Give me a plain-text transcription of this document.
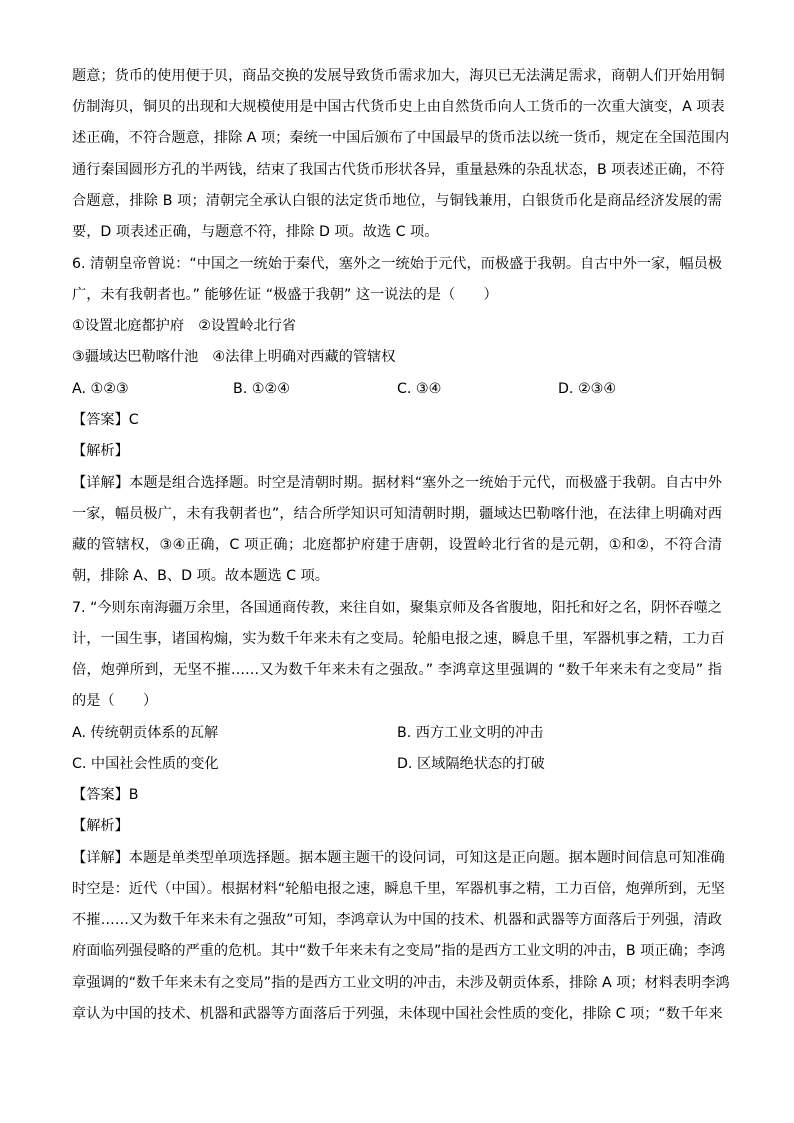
题意；货币的使用便于贝，商品交换的发展导致货币需求加大，海贝已无法满足需求，商朝人们开始用铜
仿制海贝，铜贝的出现和大规模使用是中国古代货币史上由自然货币向人工货币的一次重大演变，A 项表
述正确，不符合题意，排除 A 项；秦统一中国后颁布了中国最早的货币法以统一货币，规定在全国范围内
通行秦国圆形方孔的半两钱，结束了我国古代货币形状各异，重量悬殊的杂乱状态，B 项表述正确，不符
合题意，排除 B 项；清朝完全承认白银的法定货币地位，与铜钱兼用，白银货币化是商品经济发展的需
要，D 项表述正确，与题意不符，排除 D 项。故选 C 项。
6. 清朝皇帝曾说：“中国之一统始于秦代，塞外之一统始于元代，而极盛于我朝。自古中外一家，幅员极
广，未有我朝者也。” 能够佐证 “极盛于我朝” 这一说法的是（　　）
①设置北庭都护府　②设置岭北行省
③疆域达巴勒喀什池　④法律上明确对西藏的管辖权
A. ①②③	B. ①②④	C. ③④	D. ②③④
【答案】C
【解析】
【详解】本题是组合选择题。时空是清朝时期。据材料“塞外之一统始于元代，而极盛于我朝。自古中外
一家，幅员极广，未有我朝者也”，结合所学知识可知清朝时期，疆域达巴勒喀什池，在法律上明确对西
藏的管辖权，③④正确，C 项正确；北庭都护府建于唐朝，设置岭北行省的是元朝，①和②，不符合清
朝，排除 A、B、D 项。故本题选 C 项。
7. “今则东南海疆万余里，各国通商传教，来往自如，聚集京师及各省腹地，阳托和好之名，阴怀吞噬之
计，一国生事，诸国构煽，实为数千年来未有之变局。轮船电报之速，瞬息千里，军器机事之精，工力百
倍，炮弹所到，无坚不摧……又为数千年来未有之强敌。” 李鸿章这里强调的 “数千年来未有之变局” 指
的是（　　）
A. 传统朝贡体系的瓦解	B. 西方工业文明的冲击
C. 中国社会性质的变化	D. 区域隔绝状态的打破
【答案】B
【解析】
【详解】本题是单类型单项选择题。据本题主题干的设问词，可知这是正向题。据本题时间信息可知准确
时空是：近代（中国）。根据材料“轮船电报之速，瞬息千里，军器机事之精，工力百倍，炮弹所到，无坚
不摧……又为数千年来未有之强敌”可知，李鸿章认为中国的技术、机器和武器等方面落后于列强，清政
府面临列强侵略的严重的危机。其中“数千年来未有之变局”指的是西方工业文明的冲击，B 项正确；李鸿
章强调的“数千年来未有之变局”指的是西方工业文明的冲击，未涉及朝贡体系，排除 A 项；材料表明李鸿
章认为中国的技术、机器和武器等方面落后于列强，未体现中国社会性质的变化，排除 C 项；“数千年来
